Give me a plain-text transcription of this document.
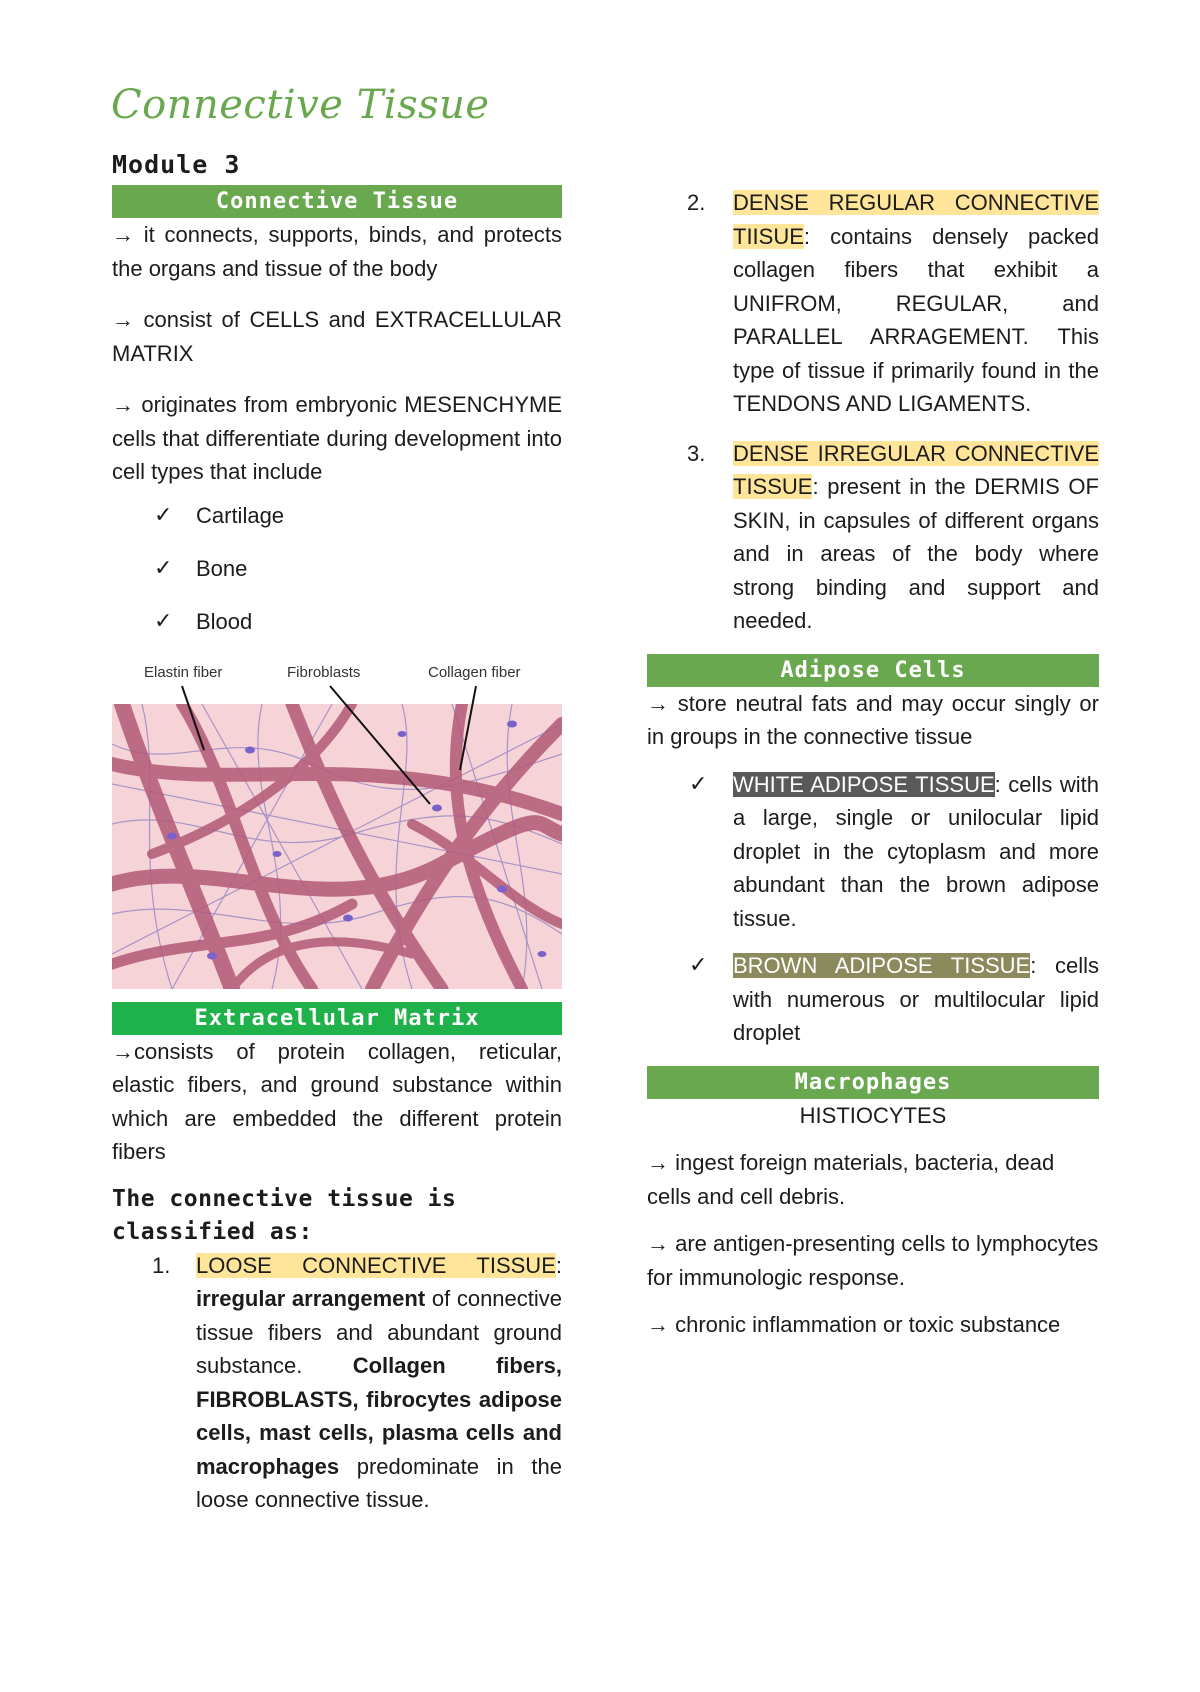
Connective Tissue
Module 3
Connective Tissue

→ it connects, supports, binds, and protects the organs and tissue of the body

→ consist of CELLS and EXTRACELLULAR MATRIX

→ originates from embryonic MESENCHYME cells that differentiate during development into cell types that include

✓	Cartilage
✓	Bone
✓	Blood
Elastin fiber	Fibroblasts	Collagen fiber
Extracellular Matrix

→consists of protein collagen, reticular, elastic fibers, and ground substance within which are embedded the different protein fibers

The connective tissue is classified as:
1.	LOOSE CONNECTIVE TISSUE: irregular arrangement of connective tissue fibers and abundant ground substance. Collagen fibers, FIBROBLASTS, fibrocytes adipose cells, mast cells, plasma cells and macrophages predominate in the loose connective tissue.
2.	DENSE REGULAR CONNECTIVE TIISUE: contains densely packed collagen fibers that exhibit a UNIFROM, REGULAR, and PARALLEL ARRAGEMENT. This type of tissue if primarily found in the TENDONS AND LIGAMENTS.
3.	DENSE IRREGULAR CONNECTIVE TISSUE: present in the DERMIS OF SKIN, in capsules of different organs and in areas of the body where strong binding and support and needed.
Adipose Cells

→ store neutral fats and may occur singly or in groups in the connective tissue

✓	WHITE ADIPOSE TISSUE: cells with a large, single or unilocular lipid droplet in the cytoplasm and more abundant than the brown adipose tissue.
✓	BROWN ADIPOSE TISSUE: cells with numerous or multilocular lipid droplet
Macrophages

HISTIOCYTES

→ ingest foreign materials, bacteria, dead cells and cell debris.

→ are antigen-presenting cells to lymphocytes for immunologic response.

→ chronic inflammation or toxic substance
